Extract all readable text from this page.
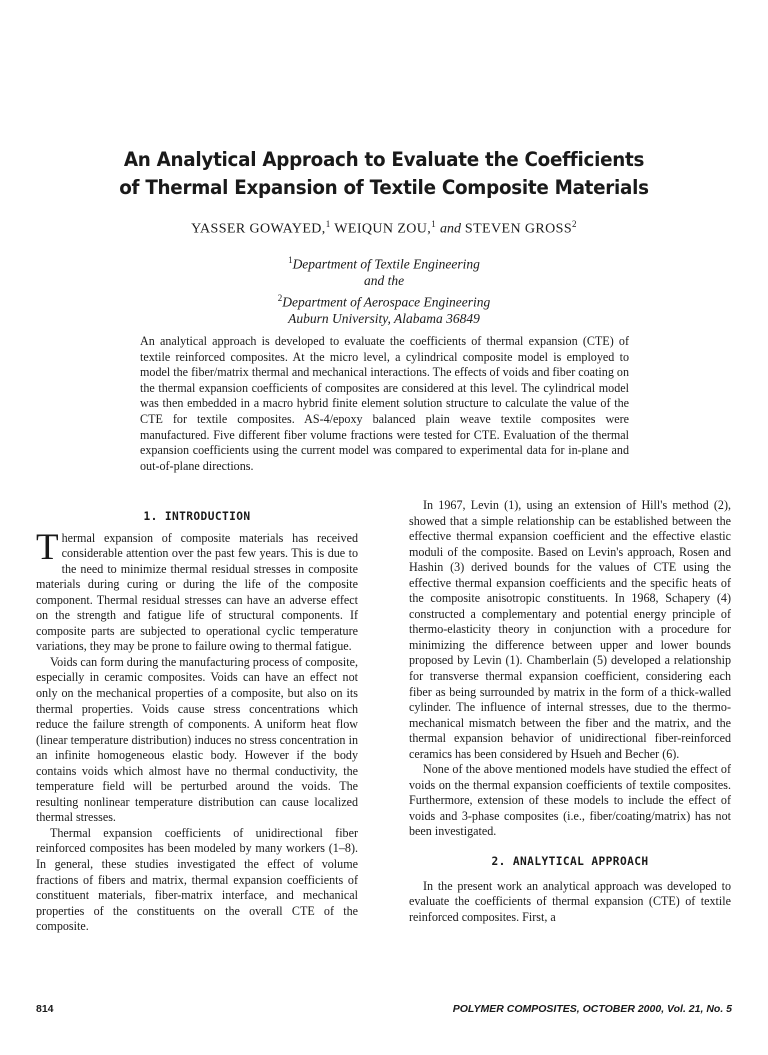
An Analytical Approach to Evaluate the Coefficients
of Thermal Expansion of Textile Composite Materials
YASSER GOWAYED,$^1$ WEIQUN ZOU,$^1$ and STEVEN GROSS$^2$
$^1$Department of Textile Engineering
and the
$^2$Department of Aerospace Engineering
Auburn University, Alabama 36849

An analytical approach is developed to evaluate the coefficients of thermal expansion (CTE) of textile reinforced composites. At the micro level, a cylindrical composite model is employed to model the fiber/matrix thermal and mechanical interactions. The effects of voids and fiber coating on the thermal expansion coefficients of composites are considered at this level. The cylindrical model was then embedded in a macro hybrid finite element solution structure to calculate the value of the CTE for textile composites. AS-4/epoxy balanced plain weave textile composites were manufactured. Five different fiber volume fractions were tested for CTE. Evaluation of the thermal expansion coefficients using the current model was compared to experimental data for in-plane and out-of-plane directions.

1. INTRODUCTION

Thermal expansion of composite materials has received considerable attention over the past few years. This is due to the need to minimize thermal residual stresses in composite materials during curing or during the life of the composite component. Thermal residual stresses can have an adverse effect on the strength and fatigue life of structural components. If composite parts are subjected to operational cyclic temperature variations, they may be prone to failure owing to thermal fatigue.

Voids can form during the manufacturing process of composite, especially in ceramic composites. Voids can have an effect not only on the mechanical properties of a composite, but also on its thermal properties. Voids cause stress concentrations which reduce the failure strength of components. A uniform heat flow (linear temperature distribution) induces no stress concentration in an infinite homogeneous elastic body. However if the body contains voids which almost have no thermal conductivity, the temperature field will be perturbed around the voids. The resulting nonlinear temperature distribution can cause localized thermal stresses.

Thermal expansion coefficients of unidirectional fiber reinforced composites has been modeled by many workers (1–8). In general, these studies investigated the effect of volume fractions of fibers and matrix, thermal expansion coefficients of constituent materials, fiber-matrix interface, and mechanical properties of the constituents on the overall CTE of the composite.

In 1967, Levin (1), using an extension of Hill's method (2), showed that a simple relationship can be established between the effective thermal expansion coefficient and the effective elastic moduli of the composite. Based on Levin's approach, Rosen and Hashin (3) derived bounds for the values of CTE using the effective thermal expansion coefficients and the specific heats of the composite anisotropic constituents. In 1968, Schapery (4) constructed a complementary and potential energy principle of thermo-elasticity theory in conjunction with a procedure for minimizing the difference between upper and lower bounds proposed by Levin (1). Chamberlain (5) developed a relationship for transverse thermal expansion coefficient, considering each fiber as being surrounded by matrix in the form of a thick-walled cylinder. The influence of internal stresses, due to the thermo-mechanical mismatch between the fiber and the matrix, and the thermal expansion behavior of unidirectional fiber-reinforced ceramics has been considered by Hsueh and Becher (6).

None of the above mentioned models have studied the effect of voids on the thermal expansion coefficients of textile composites. Furthermore, extension of these models to include the effect of voids and 3-phase composites (i.e., fiber/coating/matrix) has not been investigated.

2. ANALYTICAL APPROACH

In the present work an analytical approach was developed to evaluate the coefficients of thermal expansion (CTE) of textile reinforced composites. First, a

814	POLYMER COMPOSITES, OCTOBER 2000, Vol. 21, No. 5
